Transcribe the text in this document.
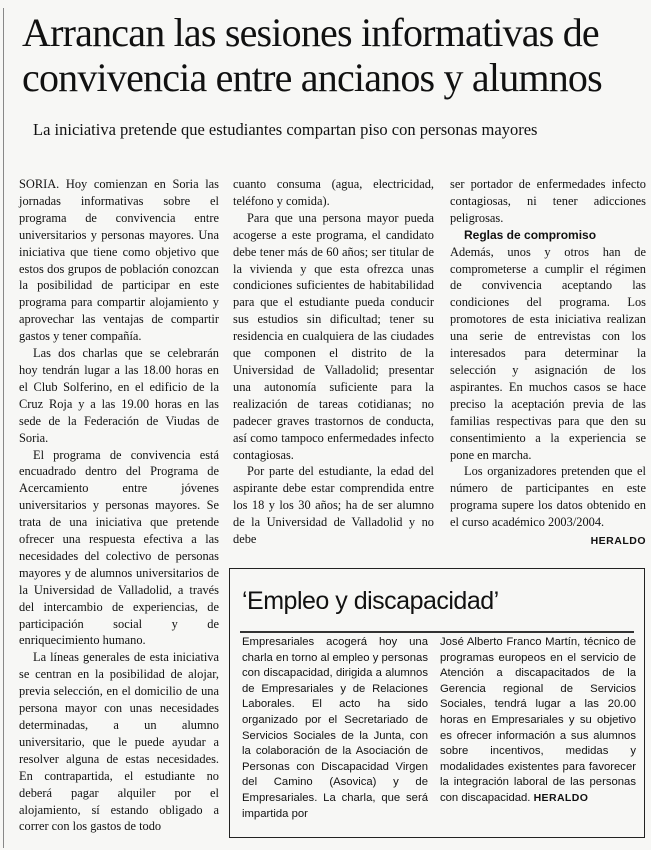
Arrancan las sesiones informativas de convivencia entre ancianos y alumnos

La iniciativa pretende que estudiantes compartan piso con personas mayores

SORIA. Hoy comienzan en Soria las jornadas informativas sobre el programa de convivencia entre universitarios y personas mayores. Una iniciativa que tiene como objetivo que estos dos grupos de población conozcan la posibilidad de participar en este programa para compartir alojamiento y aprovechar las ventajas de compartir gastos y tener compañía.

Las dos charlas que se celebrarán hoy tendrán lugar a las 18.00 horas en el Club Solferino, en el edificio de la Cruz Roja y a las 19.00 horas en las sede de la Federación de Viudas de Soria.

El programa de convivencia está encuadrado dentro del Programa de Acercamiento entre jóvenes universitarios y personas mayores. Se trata de una iniciativa que pretende ofrecer una respuesta efectiva a las necesidades del colectivo de personas mayores y de alumnos universitarios de la Universidad de Valladolid, a través del intercambio de experiencias, de participación social y de enriquecimiento humano.

La líneas generales de esta iniciativa se centran en la posibilidad de alojar, previa selección, en el domicilio de una persona mayor con unas necesidades determinadas, a un alumno universitario, que le puede ayudar a resolver alguna de estas necesidades. En contrapartida, el estudiante no deberá pagar alquiler por el alojamiento, sí estando obligado a correr con los gastos de todo

cuanto consuma (agua, electricidad, teléfono y comida).

Para que una persona mayor pueda acogerse a este programa, el candidato debe tener más de 60 años; ser titular de la vivienda y que esta ofrezca unas condiciones suficientes de habitabilidad para que el estudiante pueda conducir sus estudios sin dificultad; tener su residencia en cualquiera de las ciudades que componen el distrito de la Universidad de Valladolid; presentar una autonomía suficiente para la realización de tareas cotidianas; no padecer graves trastornos de conducta, así como tampoco enfermedades infecto contagiosas.

Por parte del estudiante, la edad del aspirante debe estar comprendida entre los 18 y los 30 años; ha de ser alumno de la Universidad de Valladolid y no debe

ser portador de enfermedades infecto contagiosas, ni tener adicciones peligrosas.

Reglas de compromiso

Además, unos y otros han de comprometerse a cumplir el régimen de convivencia aceptando las condiciones del programa. Los promotores de esta iniciativa realizan una serie de entrevistas con los interesados para determinar la selección y asignación de los aspirantes. En muchos casos se hace preciso la aceptación previa de las familias respectivas para que den su consentimiento a la experiencia se pone en marcha.

Los organizadores pretenden que el número de participantes en este programa supere los datos obtenido en el curso académico 2003/2004.

HERALDO
‘Empleo y discapacidad’

Empresariales acogerá hoy una charla en torno al empleo y personas con discapacidad, dirigida a alumnos de Empresariales y de Relaciones Laborales. El acto ha sido organizado por el Secretariado de Servicios Sociales de la Junta, con la colaboración de la Asociación de Personas con Discapacidad Virgen del Camino (Asovica) y de Empresariales. La charla, que será impartida por

José Alberto Franco Martín, técnico de programas europeos en el servicio de Atención a discapacitados de la Gerencia regional de Servicios Sociales, tendrá lugar a las 20.00 horas en Empresariales y su objetivo es ofrecer información a sus alumnos sobre incentivos, medidas y modalidades existentes para favorecer la integración laboral de las personas con discapacidad. HERALDO
